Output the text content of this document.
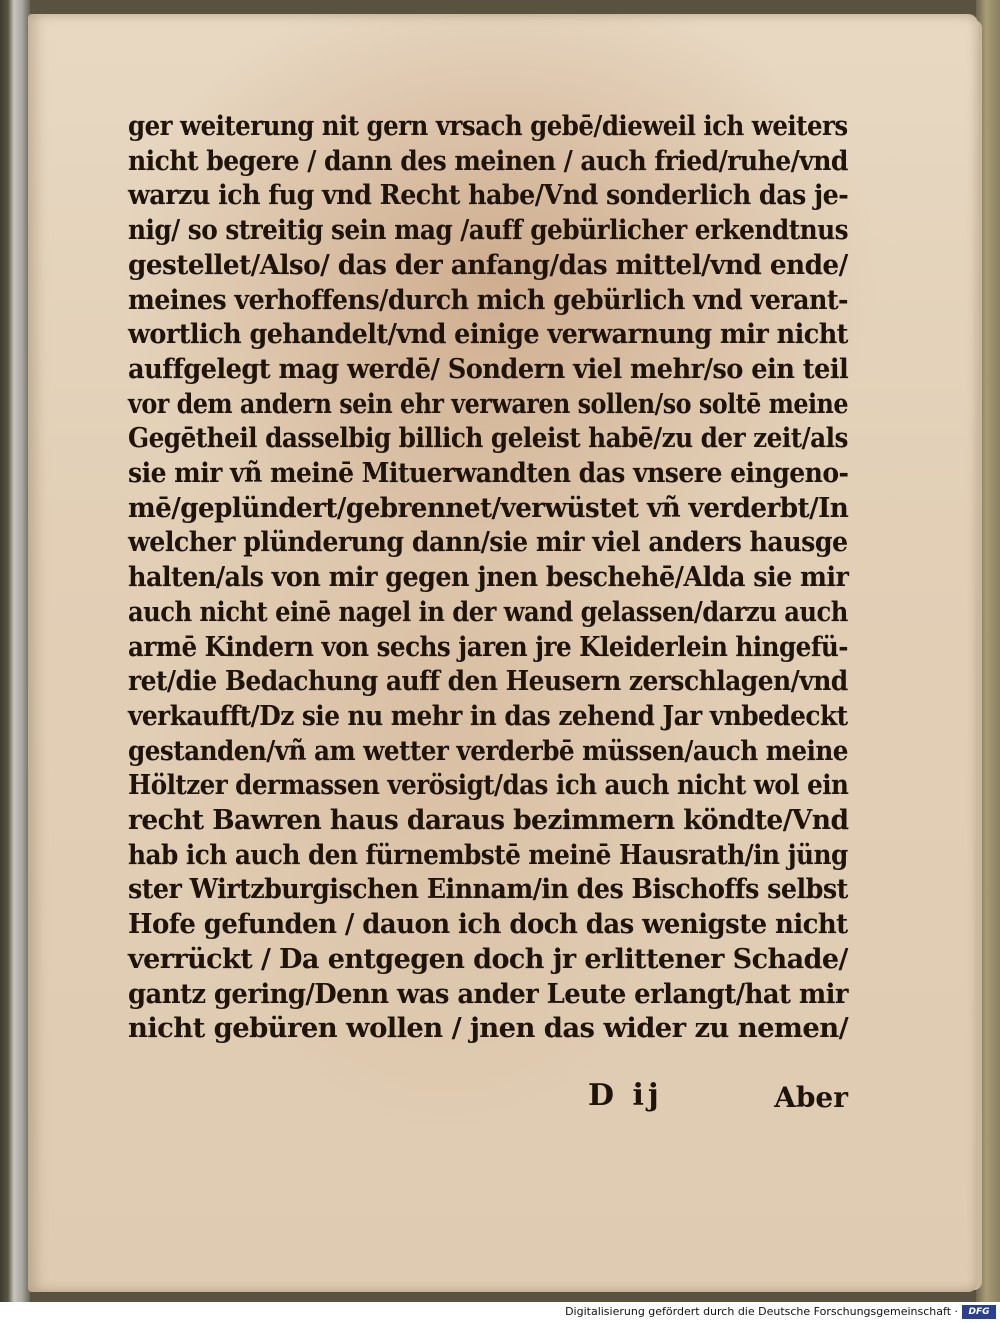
ger weiterung nit gern vrsach gebē/dieweil ich weiters
nicht begere / dann des meinen / auch fried/ruhe/vnd
warzu ich fug vnd Recht habe/Vnd sonderlich das je-
nig/ so streitig sein mag /auff gebürlicher erkendtnus
gestellet/Also/ das der anfang/das mittel/vnd ende/
meines verhoffens/durch mich gebürlich vnd verant-
wortlich gehandelt/vnd einige verwarnung mir nicht
auffgelegt mag werdē/ Sondern viel mehr/so ein teil
vor dem andern sein ehr verwaren sollen/so soltē meine
Gegētheil dasselbig billich geleist habē/zu der zeit/als
sie mir vñ meinē Mituerwandten das vnsere eingeno-
mē/geplündert/gebrennet/verwüstet vñ verderbt/In
welcher plünderung dann/sie mir viel anders hausge
halten/als von mir gegen jnen beschehē/Alda sie mir
auch nicht einē nagel in der wand gelassen/darzu auch
armē Kindern von sechs jaren jre Kleiderlein hingefü-
ret/die Bedachung auff den Heusern zerschlagen/vnd
verkaufft/Dz sie nu mehr in das zehend Jar vnbedeckt
gestanden/vñ am wetter verderbē müssen/auch meine
Höltzer dermassen verösigt/das ich auch nicht wol ein
recht Bawren haus daraus bezimmern köndte/Vnd
hab ich auch den fürnembstē meinē Hausrath/in jüng
ster Wirtzburgischen Einnam/in des Bischoffs selbst
Hofe gefunden / dauon ich doch das wenigste nicht
verrückt / Da entgegen doch jr erlittener Schade/
gantz gering/Denn was ander Leute erlangt/hat mir
nicht gebüren wollen / jnen das wider zu nemen/
D ij	Aber
Digitalisierung gefördert durch die Deutsche Forschungsgemeinschaft ·	DFG
